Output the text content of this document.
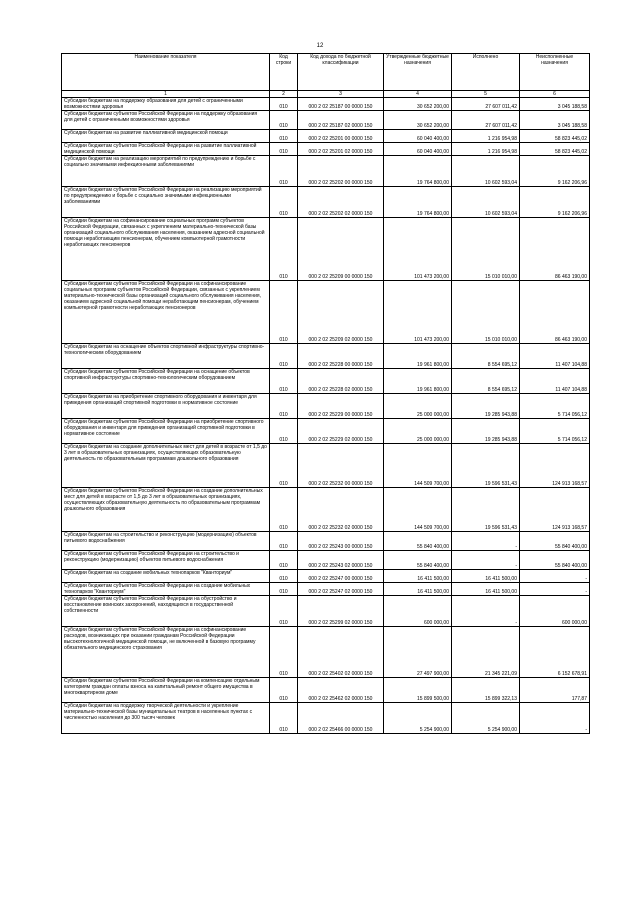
12
Наименование показателя	Код строки	Код дохода по бюджетной классификации	Утвержденные бюджетные назначения	Исполнено	Неисполненные назначения
1	2	3	4	5	6
Субсидии бюджетам на поддержку образования для детей с ограниченными возможностями здоровья	010	000 2 02 25187 00 0000 150	30 652 200,00	27 607 011,42	3 045 188,58
Субсидии бюджетам субъектов Российской Федерации на поддержку образования для детей с ограниченными возможностями здоровья	010	000 2 02 25187 02 0000 150	30 652 200,00	27 607 011,42	3 045 188,58
Субсидии бюджетам на развитие паллиативной медицинской помощи	010	000 2 02 25201 00 0000 150	60 040 400,00	1 216 954,98	58 823 445,02
Субсидии бюджетам субъектов Российской Федерации на развитие паллиативной медицинской помощи	010	000 2 02 25201 02 0000 150	60 040 400,00	1 216 954,98	58 823 445,02
Субсидии бюджетам на реализацию мероприятий по предупреждению и борьбе с социально значимыми инфекционными заболеваниями	010	000 2 02 25202 00 0000 150	19 764 800,00	10 602 593,04	9 162 206,96
Субсидии бюджетам субъектов Российской Федерации на реализацию мероприятий по предупреждению и борьбе с социально значимыми инфекционными заболеваниями	010	000 2 02 25202 02 0000 150	19 764 800,00	10 602 593,04	9 162 206,96
Субсидии бюджетам на софинансирование социальных программ субъектов Российской Федерации, связанных с укреплением материально-технической базы организаций социального обслуживания населения, оказанием адресной социальной помощи неработающим пенсионерам, обучением компьютерной грамотности неработающих пенсионеров	010	000 2 02 25209 00 0000 150	101 473 200,00	15 010 010,00	86 463 190,00
Субсидии бюджетам субъектов Российской Федерации на софинансирование социальных программ субъектов Российской Федерации, связанных с укреплением материально-технической базы организаций социального обслуживания населения, оказанием адресной социальной помощи неработающим пенсионерам, обучением компьютерной грамотности неработающих пенсионеров	010	000 2 02 25209 02 0000 150	101 473 200,00	15 010 010,00	86 463 190,00
Субсидии бюджетам на оснащение объектов спортивной инфраструктуры спортивно-технологическим оборудованием	010	000 2 02 25228 00 0000 150	19 961 800,00	8 554 695,12	11 407 104,88
Субсидии бюджетам субъектов Российской Федерации на оснащение объектов спортивной инфраструктуры спортивно-технологическим оборудованием	010	000 2 02 25228 02 0000 150	19 961 800,00	8 554 695,12	11 407 104,88
Субсидии бюджетам на приобретение спортивного оборудования и инвентаря для приведения организаций спортивной подготовки в нормативное состояние	010	000 2 02 25229 00 0000 150	25 000 000,00	19 285 943,88	5 714 056,12
Субсидии бюджетам субъектов Российской Федерации на приобретение спортивного оборудования и инвентаря для приведения организаций спортивной подготовки в нормативное состояние	010	000 2 02 25229 02 0000 150	25 000 000,00	19 285 943,88	5 714 056,12
Субсидии бюджетам на создание дополнительных мест для детей в возрасте от 1,5 до 3 лет в образовательных организациях, осуществляющих образовательную деятельность по образовательным программам дошкольного образования	010	000 2 02 25232 00 0000 150	144 509 700,00	19 596 531,43	124 913 168,57
Субсидии бюджетам субъектов Российской Федерации на создание дополнительных мест для детей в возрасте от 1,5 до 3 лет в образовательных организациях, осуществляющих образовательную деятельность по образовательным программам дошкольного образования	010	000 2 02 25232 02 0000 150	144 509 700,00	19 596 531,43	124 913 168,57
Субсидии бюджетам на строительство и реконструкцию (модернизацию) объектов питьевого водоснабжения	010	000 2 02 25243 00 0000 150	55 840 400,00	-	55 840 400,00
Субсидии бюджетам субъектов Российской Федерации на строительство и реконструкцию (модернизацию) объектов питьевого водоснабжения	010	000 2 02 25243 02 0000 150	55 840 400,00	-	55 840 400,00
Субсидии бюджетам на создание мобильных технопарков "Кванториум"	010	000 2 02 25247 00 0000 150	16 411 500,00	16 411 500,00	-
Субсидии бюджетам субъектов Российской Федерации на создание мобильных технопарков "Кванториум"	010	000 2 02 25247 02 0000 150	16 411 500,00	16 411 500,00	-
Субсидии бюджетам субъектов Российской Федерации на обустройство и восстановление воинских захоронений, находящихся в государственной собственности	010	000 2 02 25299 02 0000 150	600 000,00	-	600 000,00
Субсидии бюджетам субъектов Российской Федерации на софинансирование расходов, возникающих при оказании гражданам Российской Федерации высокотехнологичной медицинской помощи, не включенной в базовую программу обязательного медицинского страхования	010	000 2 02 25402 02 0000 150	27 497 900,00	21 345 221,09	6 152 678,91
Субсидии бюджетам субъектов Российской Федерации на компенсацию отдельным категориям граждан оплаты взноса на капитальный ремонт общего имущества в многоквартирном доме	010	000 2 02 25462 02 0000 150	15 899 500,00	15 899 322,13	177,87
Субсидии бюджетам на поддержку творческой деятельности и укрепление материально-технической базы муниципальных театров в населенных пунктах с численностью населения до 300 тысяч человек	010	000 2 02 25466 00 0000 150	5 254 900,00	5 254 900,00	-
